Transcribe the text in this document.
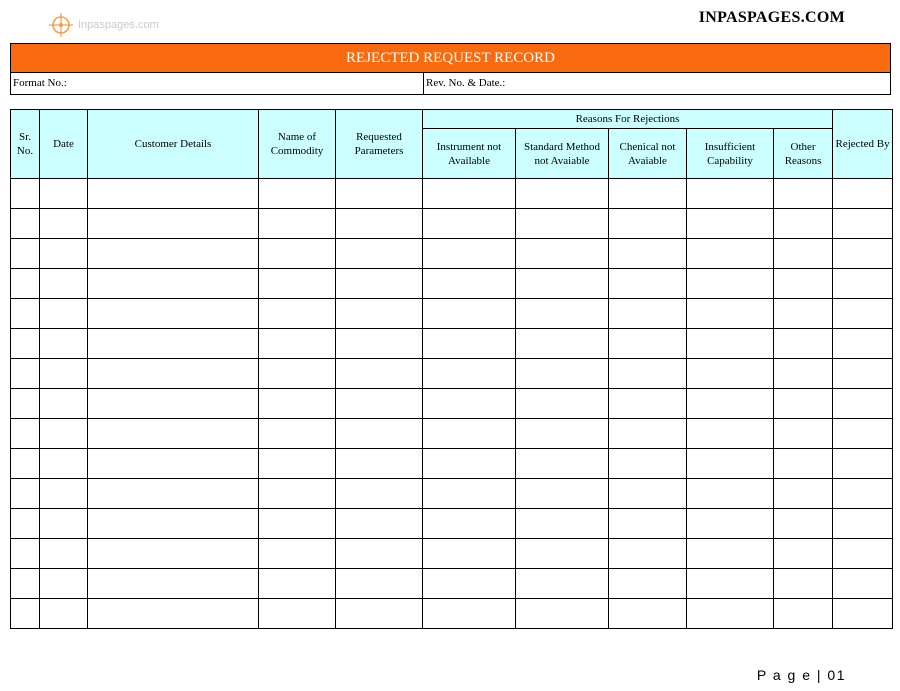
Inpaspages.com	INPASPAGES.COM
REJECTED REQUEST RECORD
Format No.:	Rev. No. & Date.:
Sr. No.	Date	Customer Details	Name of Commodity	Requested Parameters	Reasons For Rejections					Rejected By
					Instrument not Available	Standard Method not Avaiable	Chenical not Avaiable	Insufficient Capability	Other Reasons	

P a g e | 01
